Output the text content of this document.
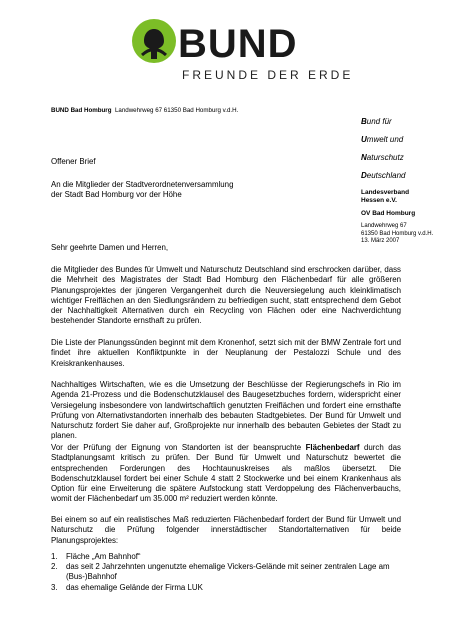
BUND
FREUNDE DER ERDE
BUND Bad Homburg Landwehrweg 67 61350 Bad Homburg v.d.H.
Bund für
Umwelt und
Naturschutz
Deutschland
Landesverband
Hessen e.V.
OV Bad Homburg
Landwehrweg 67
61350 Bad Homburg v.d.H.
13. März 2007
Offener Brief
An die Mitglieder der Stadtverordnetenversammlung
der Stadt Bad Homburg vor der Höhe
Sehr geehrte Damen und Herren,
die Mitglieder des Bundes für Umwelt und Naturschutz Deutschland sind erschrocken darüber, dass die Mehrheit des Magistrates der Stadt Bad Homburg den Flächenbedarf für alle größeren Planungsprojektes der jüngeren Vergangenheit durch die Neuversiegelung auch kleinklimatisch wichtiger Freiflächen an den Siedlungsrändern zu befriedigen sucht, statt entsprechend dem Gebot der Nachhaltigkeit Alternativen durch ein Recycling von Flächen oder eine Nachverdichtung bestehender Standorte ernsthaft zu prüfen.
Die Liste der Planungssünden beginnt mit dem Kronenhof, setzt sich mit der BMW Zentrale fort und findet ihre aktuellen Konfliktpunkte in der Neuplanung der Pestalozzi Schule und des Kreiskrankenhauses.
Nachhaltiges Wirtschaften, wie es die Umsetzung der Beschlüsse der Regierungschefs in Rio im Agenda 21-Prozess und die Bodenschutzklausel des Baugesetzbuches fordern, widerspricht einer Versiegelung insbesondere von landwirtschaftlich genutzten Freiflächen und fordert eine ernsthafte Prüfung von Alternativstandorten innerhalb des bebauten Stadtgebietes. Der Bund für Umwelt und Naturschutz fordert Sie daher auf, Großprojekte nur innerhalb des bebauten Gebietes der Stadt zu planen.
Vor der Prüfung der Eignung von Standorten ist der beanspruchte Flächenbedarf durch das Stadtplanungsamt kritisch zu prüfen. Der Bund für Umwelt und Naturschutz bewertet die entsprechenden Forderungen des Hochtaunuskreises als maßlos übersetzt. Die Bodenschutzklausel fordert bei einer Schule 4 statt 2 Stockwerke und bei einem Krankenhaus als Option für eine Erweiterung die spätere Aufstockung statt Verdoppelung des Flächenverbauchs, womit der Flächenbedarf um 35.000 m² reduziert werden könnte.
Bei einem so auf ein realistisches Maß reduzierten Flächenbedarf fordert der Bund für Umwelt und Naturschutz die Prüfung folgender innerstädtischer Standortalternativen für beide Planungsprojektes:
1.	Fläche „Am Bahnhof“
2.	das seit 2 Jahrzehnten ungenutzte ehemalige Vickers-Gelände mit seiner zentralen Lage am (Bus-)Bahnhof
3.	das ehemalige Gelände der Firma LUK
